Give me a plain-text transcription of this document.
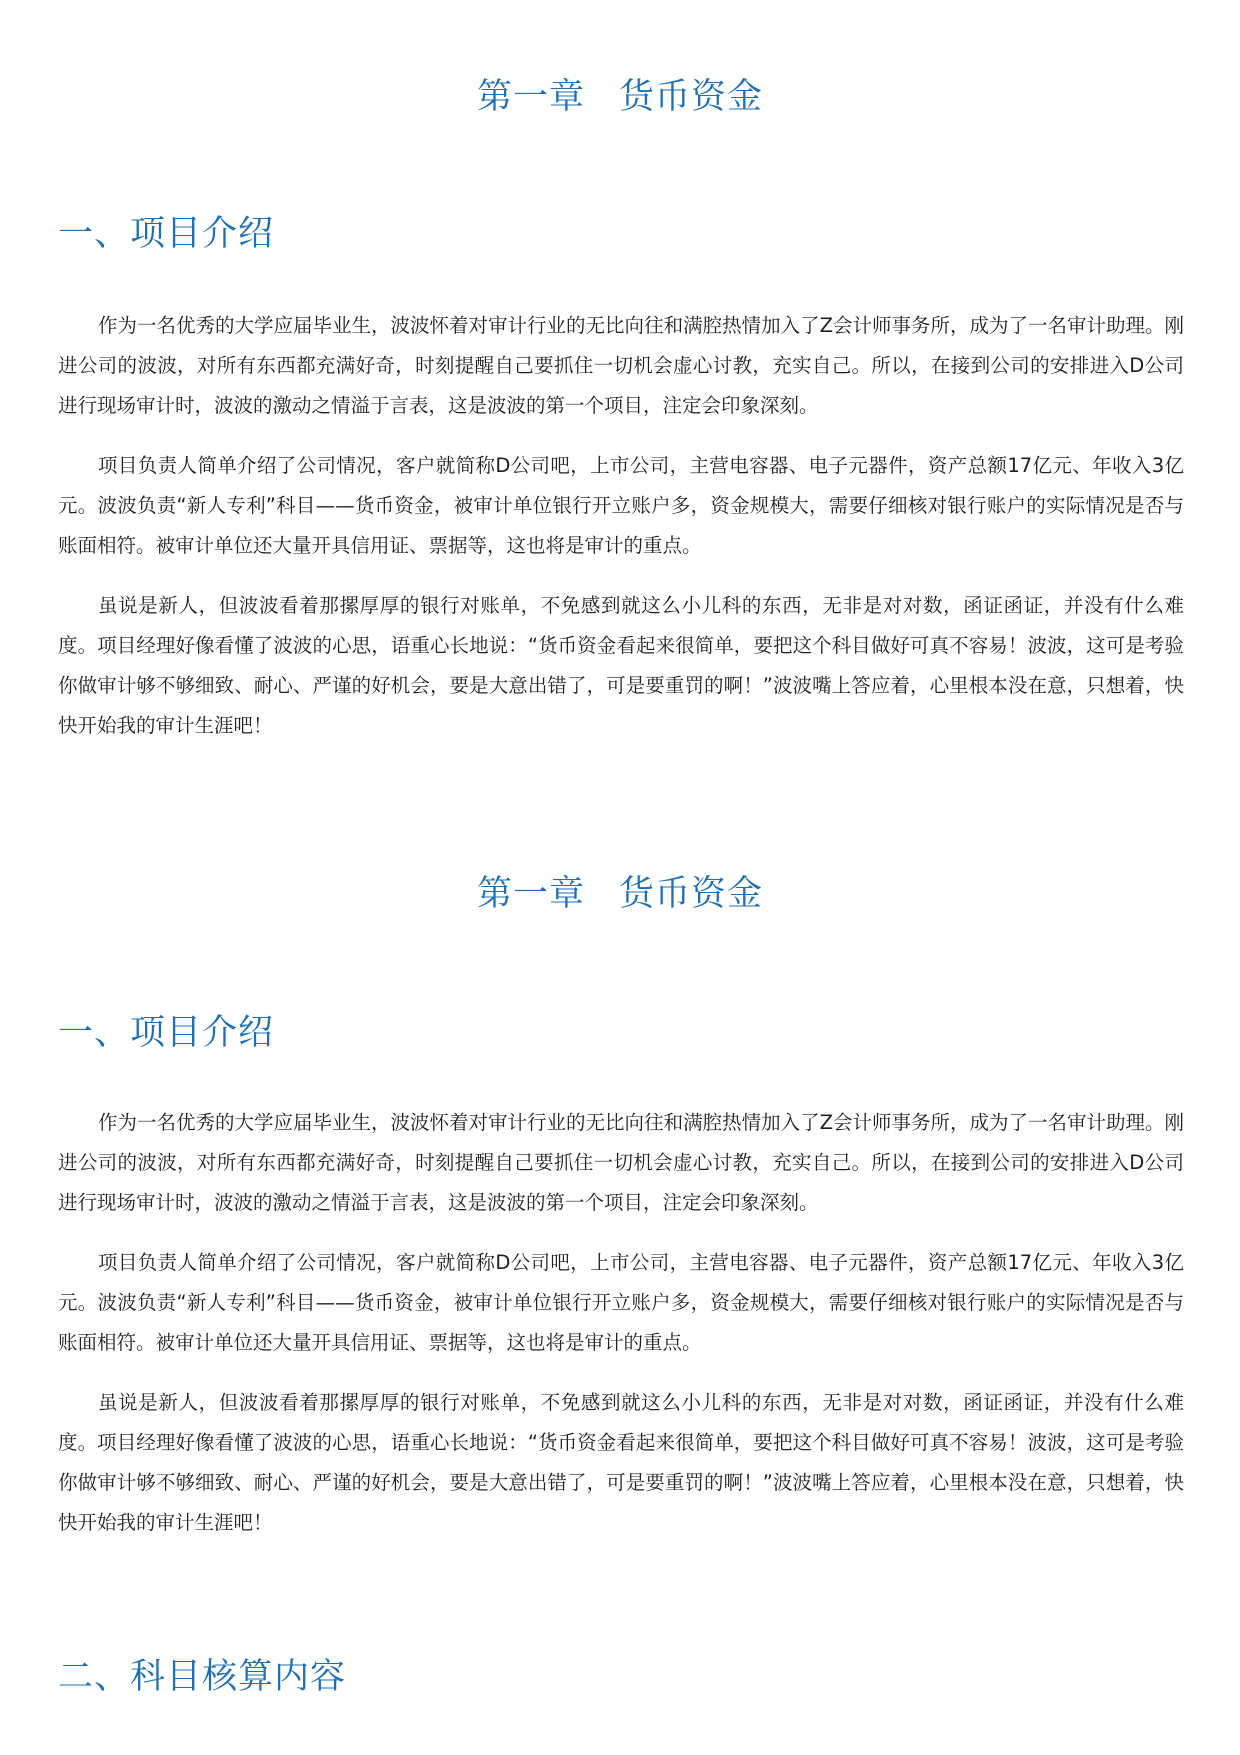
第一章 货币资金
一、项目介绍

作为一名优秀的大学应届毕业生，波波怀着对审计行业的无比向往和满腔热情加入了Z会计师事务所，成为了一名审计助理。刚进公司的波波，对所有东西都充满好奇，时刻提醒自己要抓住一切机会虚心讨教，充实自己。所以，在接到公司的安排进入D公司进行现场审计时，波波的激动之情溢于言表，这是波波的第一个项目，注定会印象深刻。

项目负责人简单介绍了公司情况，客户就简称D公司吧，上市公司，主营电容器、电子元器件，资产总额17亿元、年收入3亿元。波波负责“新人专利”科目——货币资金，被审计单位银行开立账户多，资金规模大，需要仔细核对银行账户的实际情况是否与账面相符。被审计单位还大量开具信用证、票据等，这也将是审计的重点。

虽说是新人，但波波看着那摞厚厚的银行对账单，不免感到就这么小儿科的东西，无非是对对数，函证函证，并没有什么难度。项目经理好像看懂了波波的心思，语重心长地说：“货币资金看起来很简单，要把这个科目做好可真不容易！波波，这可是考验你做审计够不够细致、耐心、严谨的好机会，要是大意出错了，可是要重罚的啊！”波波嘴上答应着，心里根本没在意，只想着，快快开始我的审计生涯吧！

第一章 货币资金
一、项目介绍

作为一名优秀的大学应届毕业生，波波怀着对审计行业的无比向往和满腔热情加入了Z会计师事务所，成为了一名审计助理。刚进公司的波波，对所有东西都充满好奇，时刻提醒自己要抓住一切机会虚心讨教，充实自己。所以，在接到公司的安排进入D公司进行现场审计时，波波的激动之情溢于言表，这是波波的第一个项目，注定会印象深刻。

项目负责人简单介绍了公司情况，客户就简称D公司吧，上市公司，主营电容器、电子元器件，资产总额17亿元、年收入3亿元。波波负责“新人专利”科目——货币资金，被审计单位银行开立账户多，资金规模大，需要仔细核对银行账户的实际情况是否与账面相符。被审计单位还大量开具信用证、票据等，这也将是审计的重点。

虽说是新人，但波波看着那摞厚厚的银行对账单，不免感到就这么小儿科的东西，无非是对对数，函证函证，并没有什么难度。项目经理好像看懂了波波的心思，语重心长地说：“货币资金看起来很简单，要把这个科目做好可真不容易！波波，这可是考验你做审计够不够细致、耐心、严谨的好机会，要是大意出错了，可是要重罚的啊！”波波嘴上答应着，心里根本没在意，只想着，快快开始我的审计生涯吧！

二、科目核算内容
